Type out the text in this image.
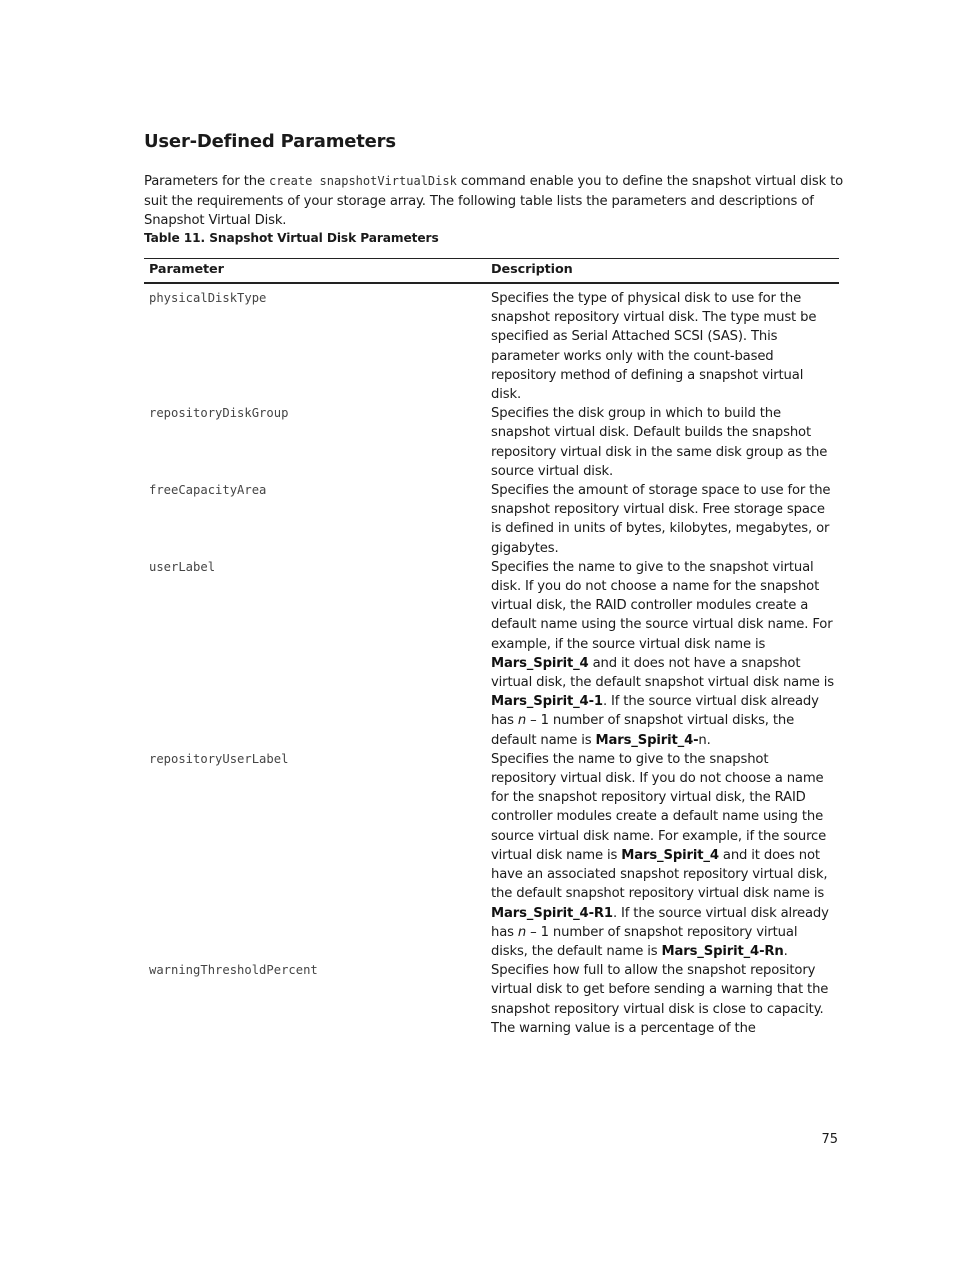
User-Defined Parameters

Parameters for the create snapshotVirtualDisk command enable you to define the snapshot virtual disk to suit the requirements of your storage array. The following table lists the parameters and descriptions of Snapshot Virtual Disk.

Table 11. Snapshot Virtual Disk Parameters

Parameter	Description

physicalDiskType	Specifies the type of physical disk to use for the snapshot repository virtual disk. The type must be specified as Serial Attached SCSI (SAS). This parameter works only with the count-based repository method of defining a snapshot virtual disk.

repositoryDiskGroup	Specifies the disk group in which to build the snapshot virtual disk. Default builds the snapshot repository virtual disk in the same disk group as the source virtual disk.

freeCapacityArea	Specifies the amount of storage space to use for the snapshot repository virtual disk. Free storage space is defined in units of bytes, kilobytes, megabytes, or gigabytes.

userLabel	Specifies the name to give to the snapshot virtual disk. If you do not choose a name for the snapshot virtual disk, the RAID controller modules create a default name using the source virtual disk name. For example, if the source virtual disk name is Mars_Spirit_4 and it does not have a snapshot virtual disk, the default snapshot virtual disk name is Mars_Spirit_4-1. If the source virtual disk already has n – 1 number of snapshot virtual disks, the default name is Mars_Spirit_4-n.

repositoryUserLabel	Specifies the name to give to the snapshot repository virtual disk. If you do not choose a name for the snapshot repository virtual disk, the RAID controller modules create a default name using the source virtual disk name. For example, if the source virtual disk name is Mars_Spirit_4 and it does not have an associated snapshot repository virtual disk, the default snapshot repository virtual disk name is Mars_Spirit_4-R1. If the source virtual disk already has n – 1 number of snapshot repository virtual disks, the default name is Mars_Spirit_4-Rn.

warningThresholdPercent	Specifies how full to allow the snapshot repository virtual disk to get before sending a warning that the snapshot repository virtual disk is close to capacity. The warning value is a percentage of the

75
